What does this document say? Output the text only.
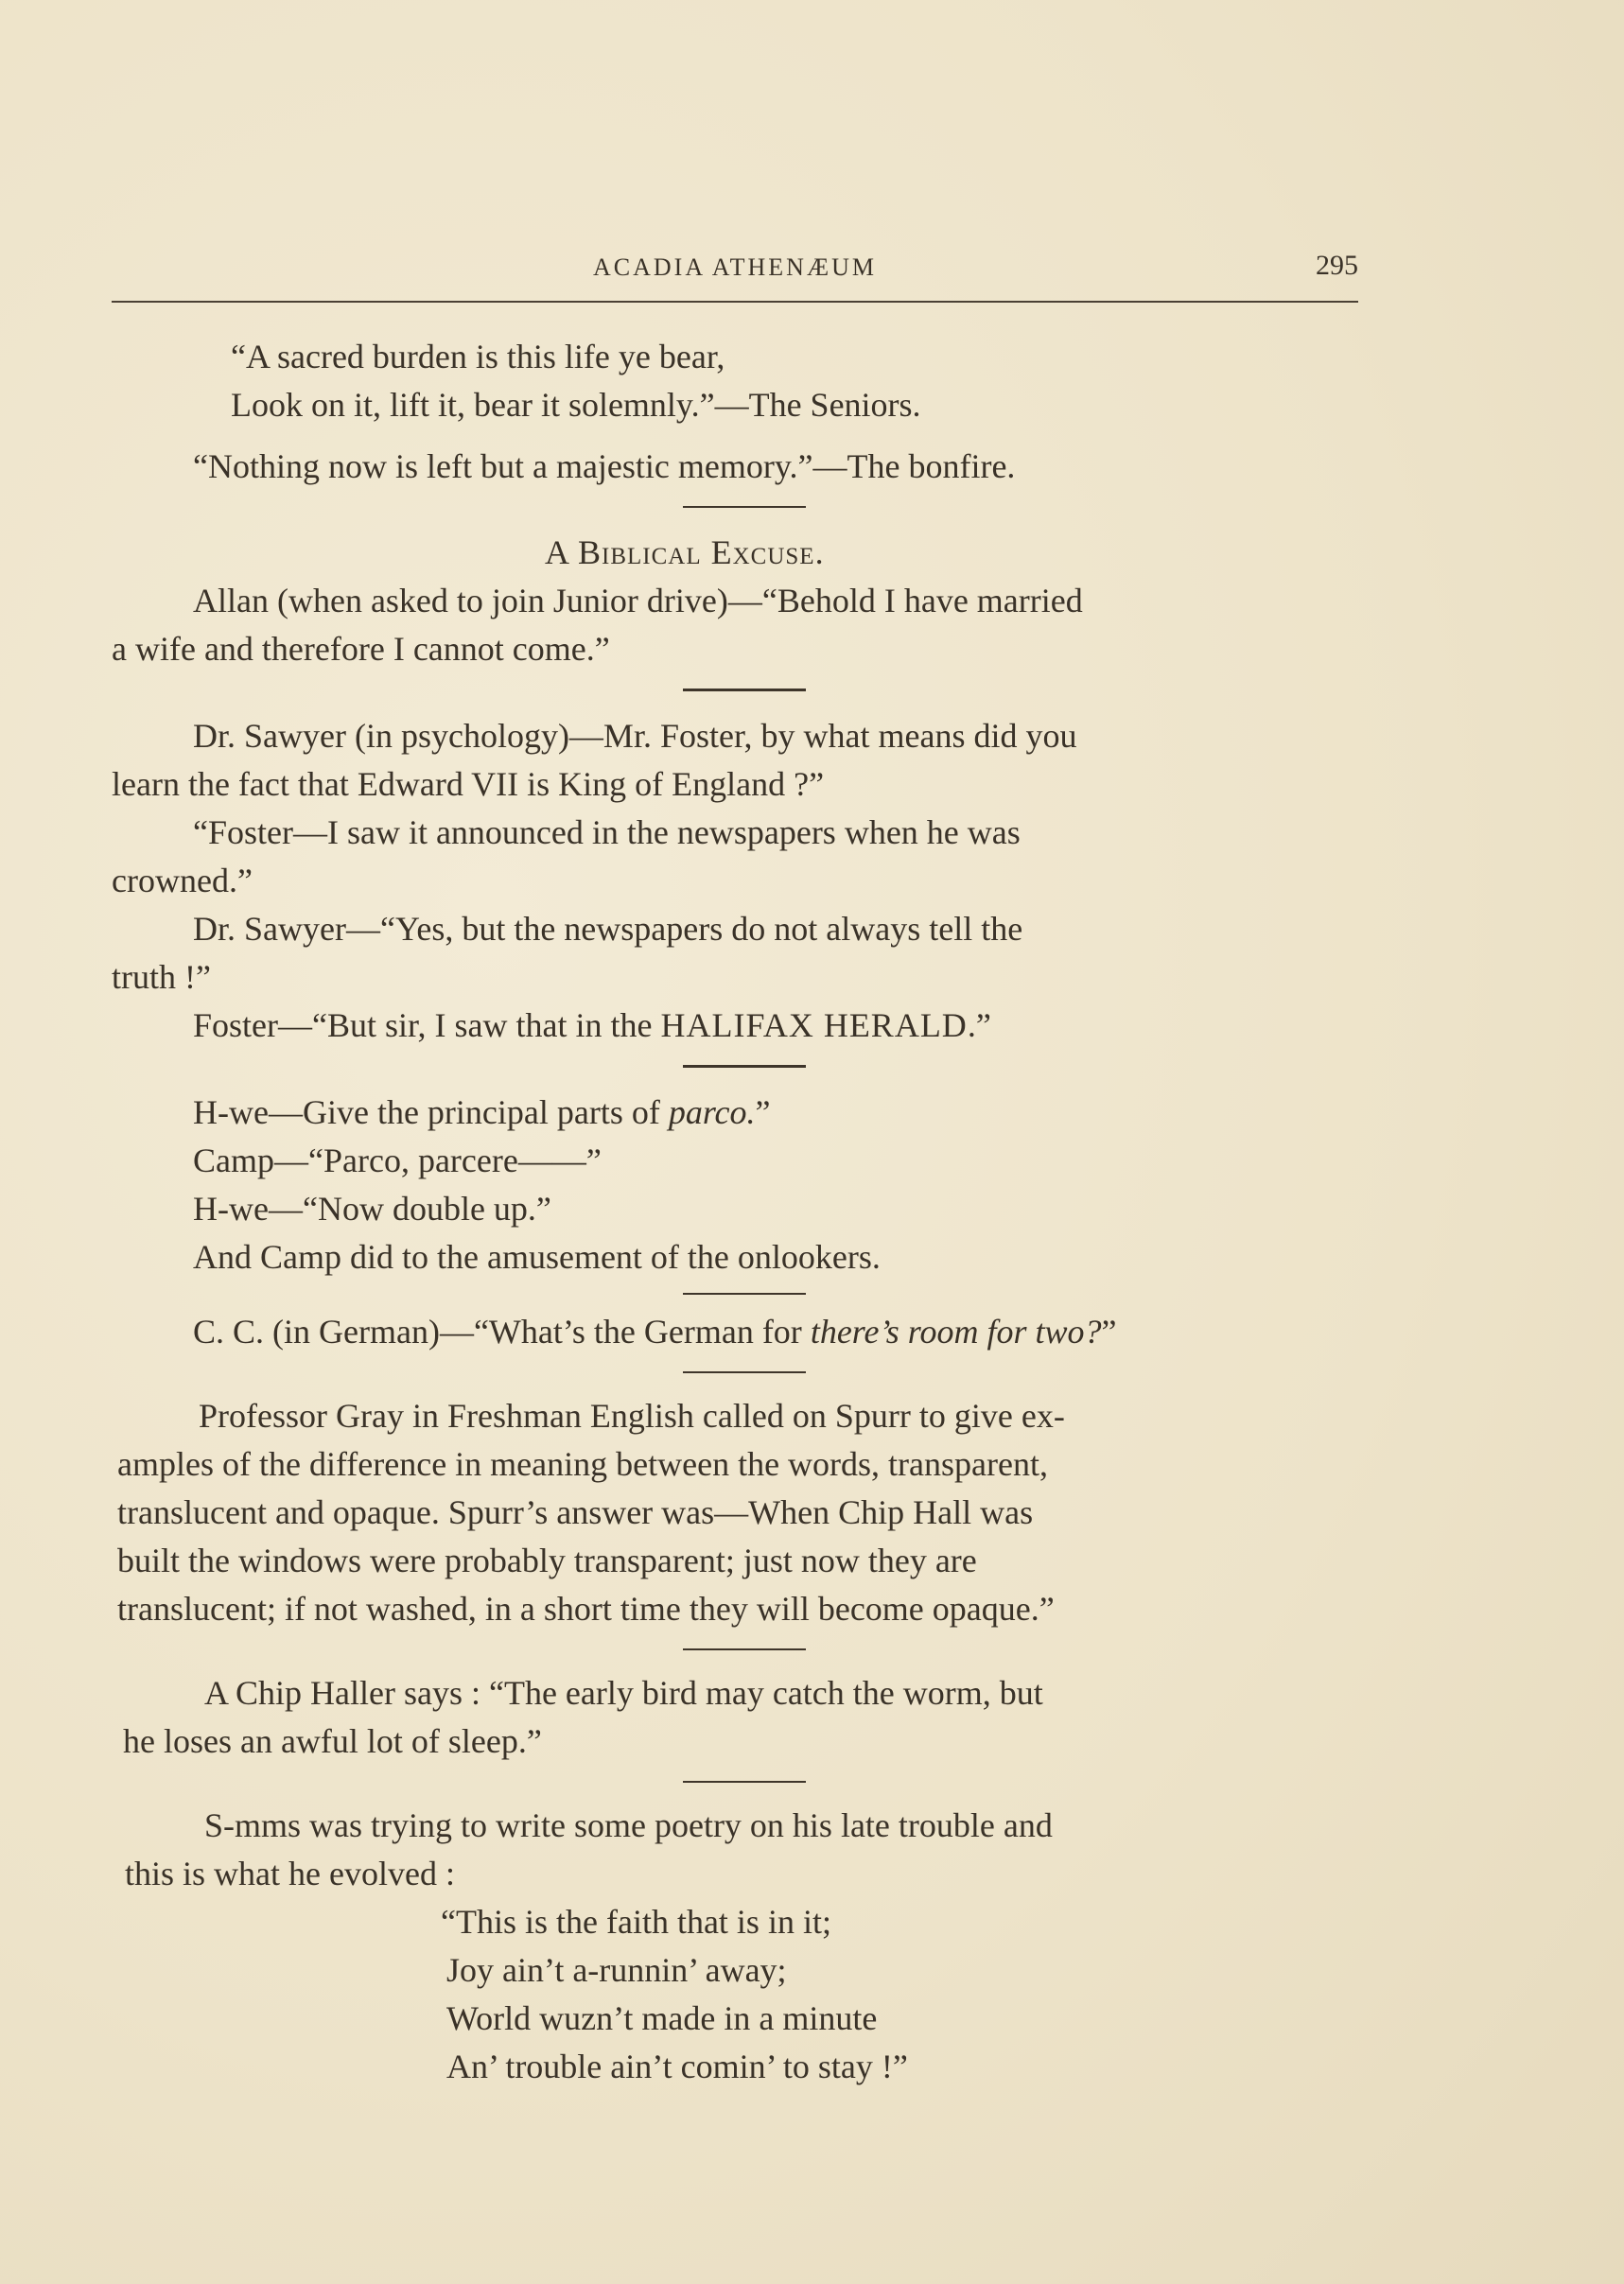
ACADIA ATHENÆUM	295
“A sacred burden is this life ye bear,
Look on it, lift it, bear it solemnly.”—The Seniors.
“Nothing now is left but a majestic memory.”—The bonfire.
A Biblical Excuse.
Allan (when asked to join Junior drive)—“Behold I have married
a wife and therefore I cannot come.”
Dr. Sawyer (in psychology)—Mr. Foster, by what means did you
learn the fact that Edward VII is King of England ?”
“Foster—I saw it announced in the newspapers when he was
crowned.”
Dr. Sawyer—“Yes, but the newspapers do not always tell the
truth !”
Foster—“But sir, I saw that in the HALIFAX HERALD.”
H-we—Give the principal parts of parco.”
Camp—“Parco, parcere——”
H-we—“Now double up.”
And Camp did to the amusement of the onlookers.
C. C. (in German)—“What’s the German for there’s room for two?”
Professor Gray in Freshman English called on Spurr to give ex-
amples of the difference in meaning between the words, transparent,
translucent and opaque. Spurr’s answer was—When Chip Hall was
built the windows were probably transparent; just now they are
translucent; if not washed, in a short time they will become opaque.”
A Chip Haller says : “The early bird may catch the worm, but
he loses an awful lot of sleep.”
S-mms was trying to write some poetry on his late trouble and
this is what he evolved :
“This is the faith that is in it;
Joy ain’t a-runnin’ away;
World wuzn’t made in a minute
An’ trouble ain’t comin’ to stay !”
